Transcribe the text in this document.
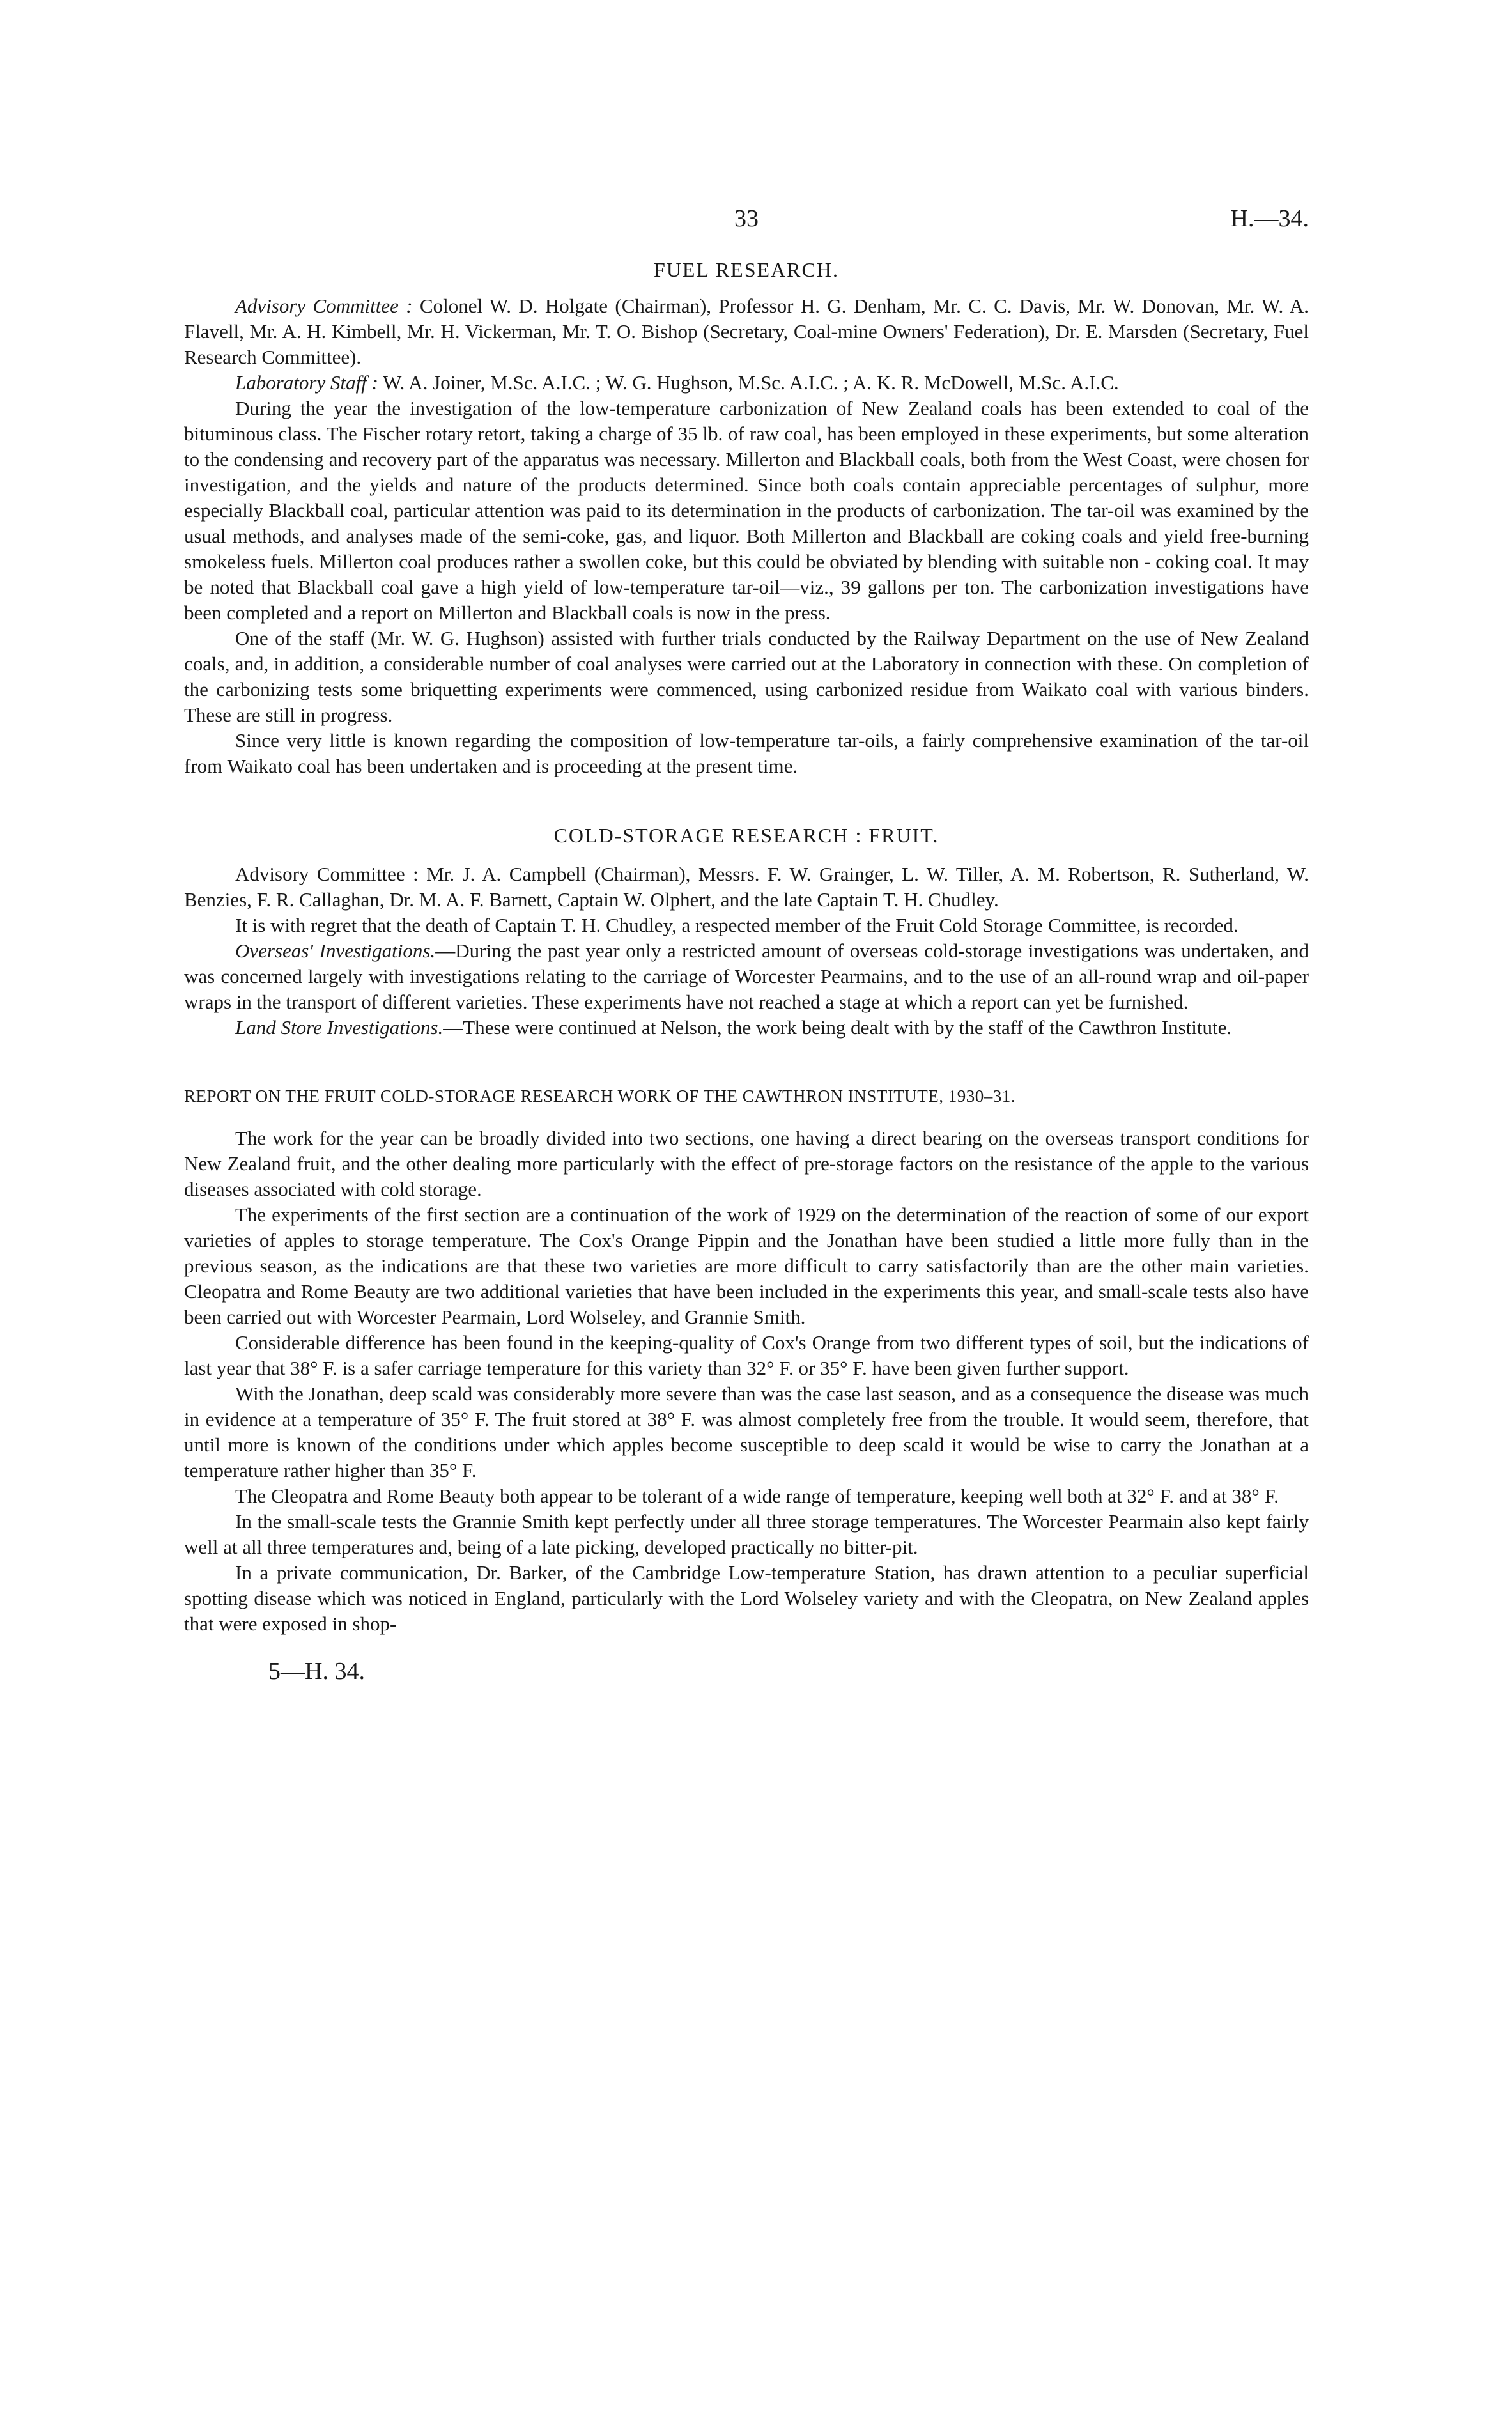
33	H.—34.
FUEL RESEARCH.

Advisory Committee : Colonel W. D. Holgate (Chairman), Professor H. G. Denham, Mr. C. C. Davis, Mr. W. Donovan, Mr. W. A. Flavell, Mr. A. H. Kimbell, Mr. H. Vickerman, Mr. T. O. Bishop (Secretary, Coal-mine Owners' Federation), Dr. E. Marsden (Secretary, Fuel Research Committee).

Laboratory Staff : W. A. Joiner, M.Sc. A.I.C. ; W. G. Hughson, M.Sc. A.I.C. ; A. K. R. McDowell, M.Sc. A.I.C.

During the year the investigation of the low-temperature carbonization of New Zealand coals has been extended to coal of the bituminous class. The Fischer rotary retort, taking a charge of 35 lb. of raw coal, has been employed in these experiments, but some alteration to the condensing and recovery part of the apparatus was necessary. Millerton and Blackball coals, both from the West Coast, were chosen for investigation, and the yields and nature of the products determined. Since both coals contain appreciable percentages of sulphur, more especially Blackball coal, particular attention was paid to its determination in the products of carbonization. The tar-oil was examined by the usual methods, and analyses made of the semi-coke, gas, and liquor. Both Millerton and Blackball are coking coals and yield free-burning smokeless fuels. Millerton coal produces rather a swollen coke, but this could be obviated by blending with suitable non - coking coal. It may be noted that Blackball coal gave a high yield of low-temperature tar-oil—viz., 39 gallons per ton. The carbonization investigations have been completed and a report on Millerton and Blackball coals is now in the press.

One of the staff (Mr. W. G. Hughson) assisted with further trials conducted by the Railway Department on the use of New Zealand coals, and, in addition, a considerable number of coal analyses were carried out at the Laboratory in connection with these. On completion of the carbonizing tests some briquetting experiments were commenced, using carbonized residue from Waikato coal with various binders. These are still in progress.

Since very little is known regarding the composition of low-temperature tar-oils, a fairly comprehensive examination of the tar-oil from Waikato coal has been undertaken and is proceeding at the present time.

COLD-STORAGE RESEARCH : FRUIT.

Advisory Committee : Mr. J. A. Campbell (Chairman), Messrs. F. W. Grainger, L. W. Tiller, A. M. Robertson, R. Sutherland, W. Benzies, F. R. Callaghan, Dr. M. A. F. Barnett, Captain W. Olphert, and the late Captain T. H. Chudley.

It is with regret that the death of Captain T. H. Chudley, a respected member of the Fruit Cold Storage Committee, is recorded.

Overseas' Investigations.—During the past year only a restricted amount of overseas cold-storage investigations was undertaken, and was concerned largely with investigations relating to the carriage of Worcester Pearmains, and to the use of an all-round wrap and oil-paper wraps in the transport of different varieties. These experiments have not reached a stage at which a report can yet be furnished.

Land Store Investigations.—These were continued at Nelson, the work being dealt with by the staff of the Cawthron Institute.

REPORT ON THE FRUIT COLD-STORAGE RESEARCH WORK OF THE CAWTHRON INSTITUTE, 1930–31.

The work for the year can be broadly divided into two sections, one having a direct bearing on the overseas transport conditions for New Zealand fruit, and the other dealing more particularly with the effect of pre-storage factors on the resistance of the apple to the various diseases associated with cold storage.

The experiments of the first section are a continuation of the work of 1929 on the determination of the reaction of some of our export varieties of apples to storage temperature. The Cox's Orange Pippin and the Jonathan have been studied a little more fully than in the previous season, as the indications are that these two varieties are more difficult to carry satisfactorily than are the other main varieties. Cleopatra and Rome Beauty are two additional varieties that have been included in the experiments this year, and small-scale tests also have been carried out with Worcester Pearmain, Lord Wolseley, and Grannie Smith.

Considerable difference has been found in the keeping-quality of Cox's Orange from two different types of soil, but the indications of last year that 38° F. is a safer carriage temperature for this variety than 32° F. or 35° F. have been given further support.

With the Jonathan, deep scald was considerably more severe than was the case last season, and as a consequence the disease was much in evidence at a temperature of 35° F. The fruit stored at 38° F. was almost completely free from the trouble. It would seem, therefore, that until more is known of the conditions under which apples become susceptible to deep scald it would be wise to carry the Jonathan at a temperature rather higher than 35° F.

The Cleopatra and Rome Beauty both appear to be tolerant of a wide range of temperature, keeping well both at 32° F. and at 38° F.

In the small-scale tests the Grannie Smith kept perfectly under all three storage temperatures. The Worcester Pearmain also kept fairly well at all three temperatures and, being of a late picking, developed practically no bitter-pit.

In a private communication, Dr. Barker, of the Cambridge Low-temperature Station, has drawn attention to a peculiar superficial spotting disease which was noticed in England, particularly with the Lord Wolseley variety and with the Cleopatra, on New Zealand apples that were exposed in shop-

5—H. 34.
